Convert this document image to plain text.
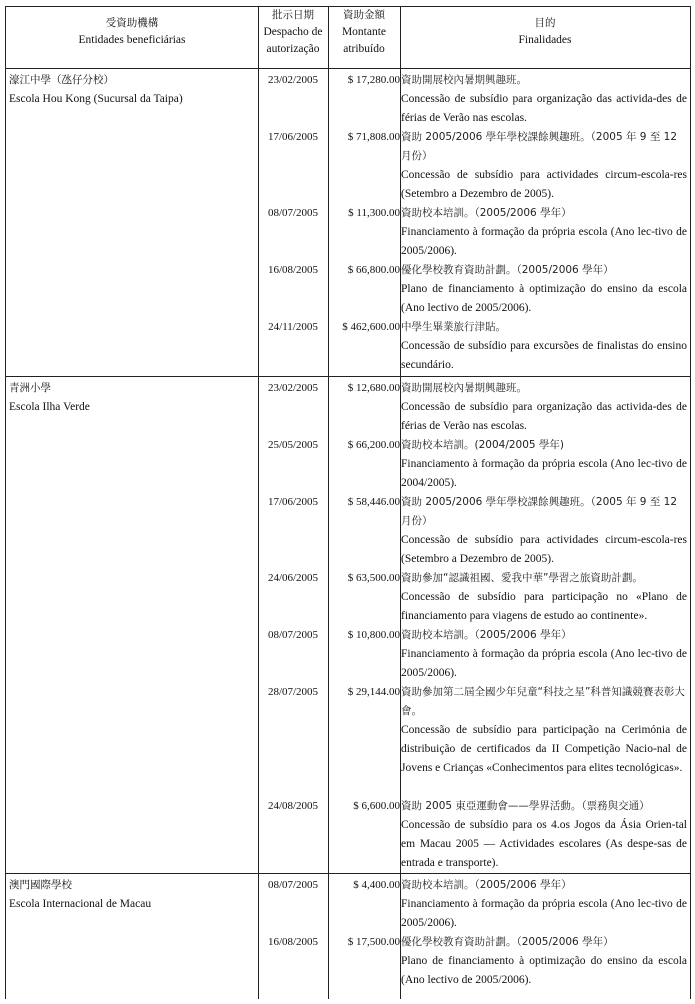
受資助機構
Entidades beneficiárias
批示日期
Despacho de
autorização
資助金額
Montante
atribuído
目的
Finalidades
濠江中學（氹仔分校）
Escola Hou Kong (Sucursal da Taipa)
23/02/2005	$ 17,280.00 資助開展校內暑期興趣班。
Concessão de subsídio para organização das activida-des de férias de Verão nas escolas.
17/06/2005	$ 71,808.00 資助 2005/2006 學年學校課餘興趣班。（2005 年 9 至 12 月份）
Concessão de subsídio para actividades circum-escola-res (Setembro a Dezembro de 2005).
08/07/2005	$ 11,300.00 資助校本培訓。（2005/2006 學年）
Financiamento à formação da própria escola (Ano lec-tivo de 2005/2006).
16/08/2005	$ 66,800.00 優化學校教育資助計劃。（2005/2006 學年）
Plano de financiamento à optimização do ensino da escola (Ano lectivo de 2005/2006).
24/11/2005	$ 462,600.00 中學生畢業旅行津貼。
Concessão de subsídio para excursões de finalistas do ensino secundário.
青洲小學
Escola Ilha Verde
23/02/2005	$ 12,680.00 資助開展校內暑期興趣班。
Concessão de subsídio para organização das activida-des de férias de Verão nas escolas.
25/05/2005	$ 66,200.00 資助校本培訓。(2004/2005 學年)
Financiamento à formação da própria escola (Ano lec-tivo de 2004/2005).
17/06/2005	$ 58,446.00 資助 2005/2006 學年學校課餘興趣班。（2005 年 9 至 12 月份）
Concessão de subsídio para actividades circum-escola-res (Setembro a Dezembro de 2005).
24/06/2005	$ 63,500.00 資助參加“認識祖國、愛我中華”學習之旅資助計劃。
Concessão de subsídio para participação no «Plano de financiamento para viagens de estudo ao continente».
08/07/2005	$ 10,800.00 資助校本培訓。（2005/2006 學年）
Financiamento à formação da própria escola (Ano lec-tivo de 2005/2006).
28/07/2005	$ 29,144.00 資助參加第二屆全國少年兒童“科技之星”科普知識競賽表彰大會。
Concessão de subsídio para participação na Cerimónia de distribuição de certificados da II Competição Nacio-nal de Jovens e Crianças «Conhecimentos para elites tecnológicas».
24/08/2005	$ 6,600.00 資助 2005 東亞運動會——學界活動。（票務與交通）
Concessão de subsídio para os 4.os Jogos da Ásia Orien-tal em Macau 2005 — Actividades escolares (As despe-sas de entrada e transporte).
澳門國際學校
Escola Internacional de Macau
08/07/2005	$ 4,400.00 資助校本培訓。（2005/2006 學年）
Financiamento à formação da própria escola (Ano lec-tivo de 2005/2006).
16/08/2005	$ 17,500.00 優化學校教育資助計劃。（2005/2006 學年）
Plano de financiamento à optimização do ensino da escola (Ano lectivo de 2005/2006).
